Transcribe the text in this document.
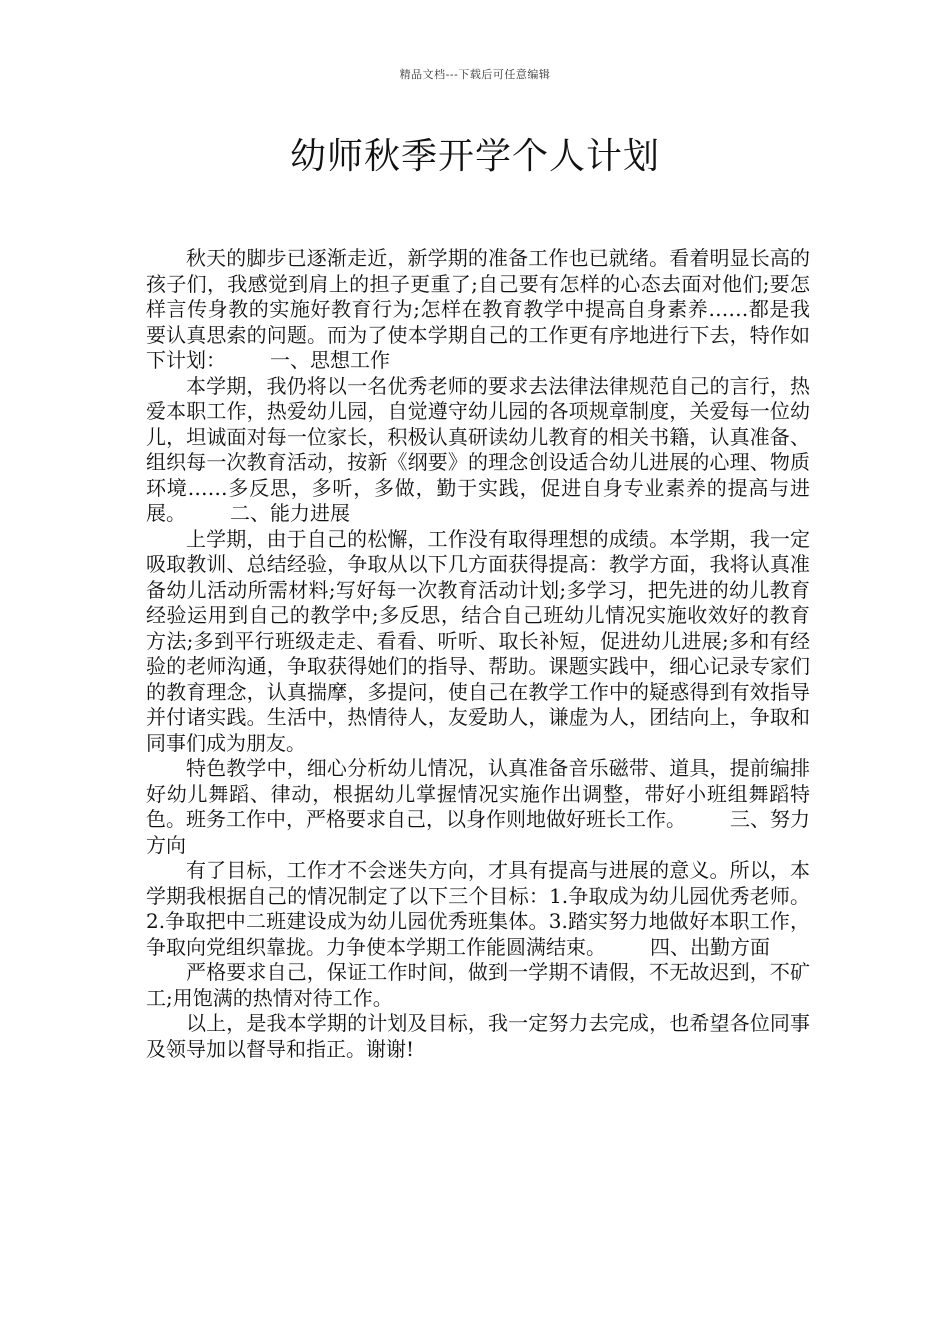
精品文档---下载后可任意编辑
幼师秋季开学个人计划

秋天的脚步已逐渐走近，新学期的准备工作也已就绪。看着明显长高的孩子们，我感觉到肩上的担子更重了;自己要有怎样的心态去面对他们;要怎样言传身教的实施好教育行为;怎样在教育教学中提高自身素养……都是我要认真思索的问题。而为了使本学期自己的工作更有序地进行下去，特作如下计划： 一、思想工作

本学期，我仍将以一名优秀老师的要求去法律法律规范自己的言行，热爱本职工作，热爱幼儿园，自觉遵守幼儿园的各项规章制度，关爱每一位幼儿，坦诚面对每一位家长，积极认真研读幼儿教育的相关书籍，认真准备、组织每一次教育活动，按新《纲要》的理念创设适合幼儿进展的心理、物质环境……多反思，多听，多做，勤于实践，促进自身专业素养的提高与进展。 二、能力进展

上学期，由于自己的松懈，工作没有取得理想的成绩。本学期，我一定吸取教训、总结经验，争取从以下几方面获得提高：教学方面，我将认真准备幼儿活动所需材料;写好每一次教育活动计划;多学习，把先进的幼儿教育经验运用到自己的教学中;多反思，结合自己班幼儿情况实施收效好的教育方法;多到平行班级走走、看看、听听、取长补短，促进幼儿进展;多和有经验的老师沟通，争取获得她们的指导、帮助。课题实践中，细心记录专家们的教育理念，认真揣摩，多提问，使自己在教学工作中的疑惑得到有效指导并付诸实践。生活中，热情待人，友爱助人，谦虚为人，团结向上，争取和同事们成为朋友。

特色教学中，细心分析幼儿情况，认真准备音乐磁带、道具，提前编排好幼儿舞蹈、律动，根据幼儿掌握情况实施作出调整，带好小班组舞蹈特色。班务工作中，严格要求自己，以身作则地做好班长工作。 三、努力方向

有了目标，工作才不会迷失方向，才具有提高与进展的意义。所以，本学期我根据自己的情况制定了以下三个目标：1.争取成为幼儿园优秀老师。2.争取把中二班建设成为幼儿园优秀班集体。3.踏实努力地做好本职工作，争取向党组织靠拢。力争使本学期工作能圆满结束。 四、出勤方面

严格要求自己，保证工作时间，做到一学期不请假，不无故迟到，不矿工;用饱满的热情对待工作。

以上，是我本学期的计划及目标，我一定努力去完成，也希望各位同事及领导加以督导和指正。谢谢!
